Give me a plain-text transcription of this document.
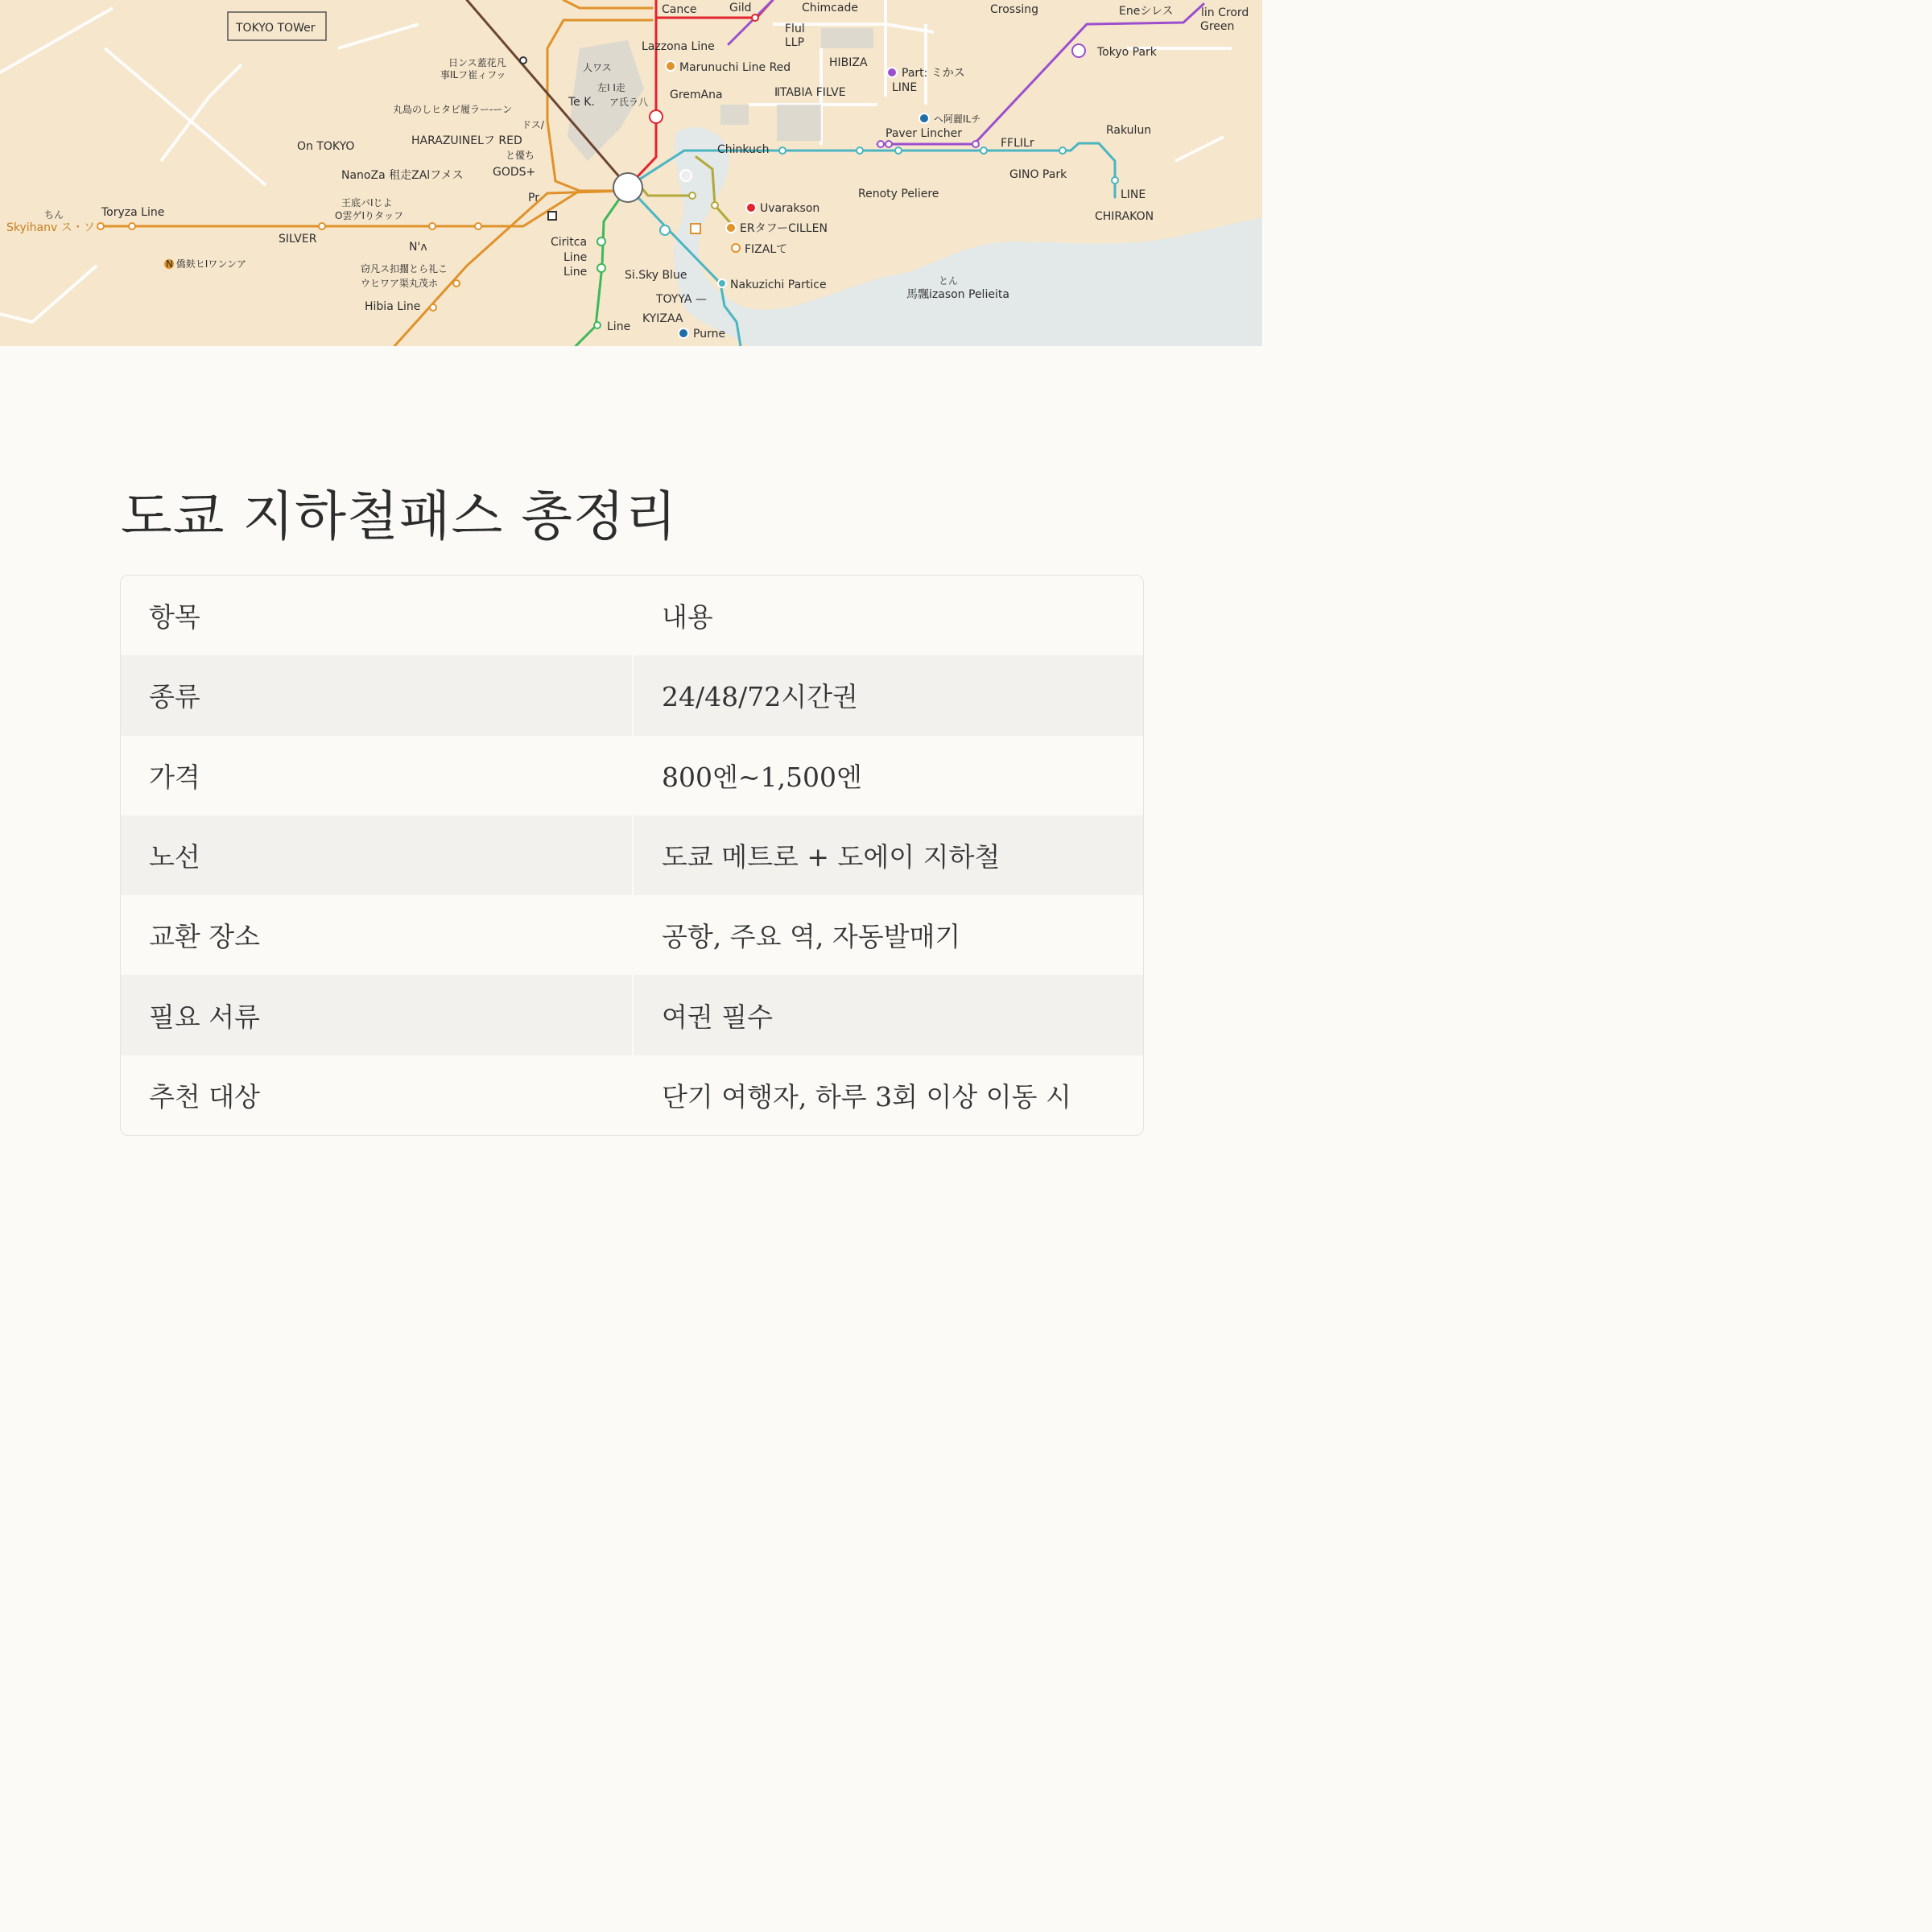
TOKYO TOWer
Cance	Gild	Chimcade	Crossing	Eneシレス lin Crord
Green
Flul
LLP
Lazzona Line	Tokyo Park
日ンス蓋花凡
事ILフ崔ィフッ
人ワス	Marunuchi Line Red	HIBIZA
Part: ミかス
LINE
左I I走
Te K. ア氏ラ八
GremAna	ⅡTABIA FILVE
丸島のしヒタビ履ラー-ーン
ドス/	ヘ阿麗ILチ
Paver Lincher	Rakulun
On TOKYO	HARAZUINELフ RED
と優ち	Chinkuch	FFLILr
NanoZa 租走ZAlフメス	GODS+	GINO Park
Renoty Peliere	LINE
王底バIじよ
O雲ゲIりタッフ
Pr
Uvarakson
CHIRAKON
ちん	Toryza Line
Skyihanv ス・ソ
SILVER
N'ᴧ	Ciritca
Line
Line
ERタフーCILLEN
FIZALて
N 僑麸ヒIワンンア	窃凡ス扣擱とら礼こ
ウヒワア渠丸茂ホ
Si.Sky Blue
Nakuzichi Particе	とん
馬飄izason Pelieita
TOYYA —
Hibia Line
KYIZAA
Line
Purne
도쿄 지하철패스 총정리
항목	내용
종류	24/48/72시간권
가격	800엔~1,500엔
노선	도쿄 메트로 + 도에이 지하철
교환 장소	공항, 주요 역, 자동발매기
필요 서류	여권 필수
추천 대상	단기 여행자, 하루 3회 이상 이동 시
